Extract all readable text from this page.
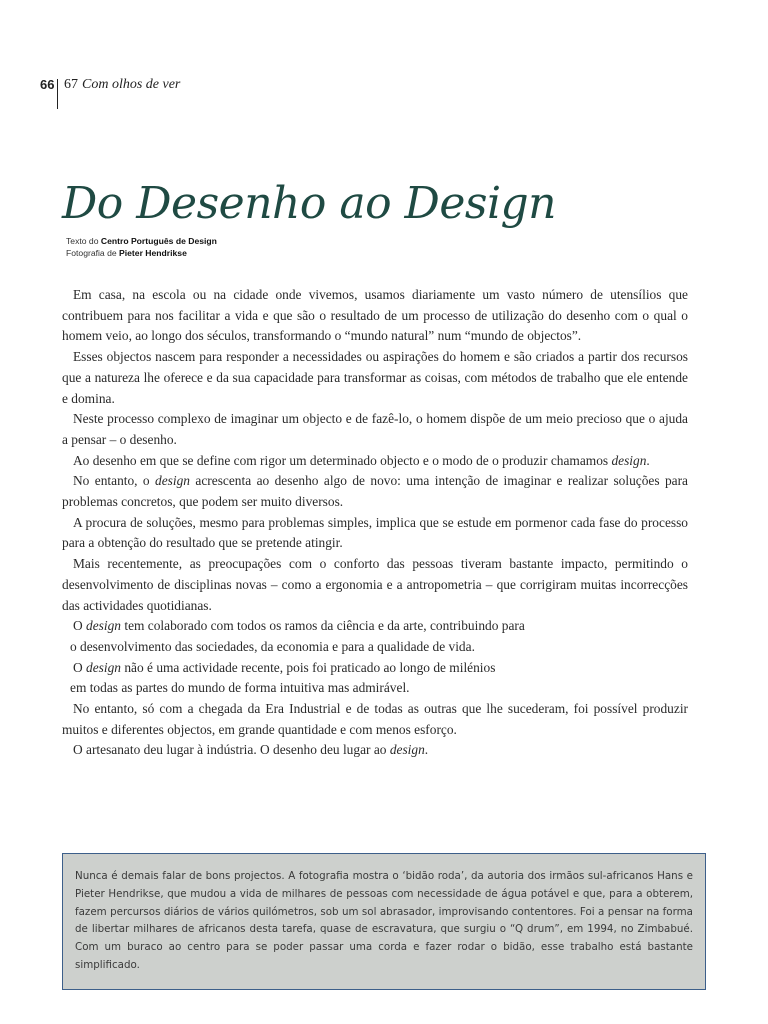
66 67 Com olhos de ver
Do Desenho ao Design
Texto do Centro Português de Design
Fotografia de Pieter Hendrikse

Em casa, na escola ou na cidade onde vivemos, usamos diariamente um vasto número de utensílios que contribuem para nos facilitar a vida e que são o resultado de um processo de utilização do desenho com o qual o homem veio, ao longo dos séculos, transformando o “mundo natural” num “mundo de objectos”.

Esses objectos nascem para responder a necessidades ou aspirações do homem e são criados a partir dos recursos que a natureza lhe oferece e da sua capacidade para transformar as coisas, com métodos de trabalho que ele entende e domina.

Neste processo complexo de imaginar um objecto e de fazê-lo, o homem dispõe de um meio precioso que o ajuda a pensar – o desenho.

Ao desenho em que se define com rigor um determinado objecto e o modo de o produzir chamamos design.

No entanto, o design acrescenta ao desenho algo de novo: uma intenção de imaginar e realizar soluções para problemas concretos, que podem ser muito diversos.

A procura de soluções, mesmo para problemas simples, implica que se estude em pormenor cada fase do processo para a obtenção do resultado que se pretende atingir.

Mais recentemente, as preocupações com o conforto das pessoas tiveram bastante impacto, permitindo o desenvolvimento de disciplinas novas – como a ergonomia e a antropometria – que corrigiram muitas incorrecções das actividades quotidianas.

O design tem colaborado com todos os ramos da ciência e da arte, contribuindo para

o desenvolvimento das sociedades, da economia e para a qualidade de vida.

O design não é uma actividade recente, pois foi praticado ao longo de milénios

em todas as partes do mundo de forma intuitiva mas admirável.

No entanto, só com a chegada da Era Industrial e de todas as outras que lhe sucederam, foi possível produzir muitos e diferentes objectos, em grande quantidade e com menos esforço.

O artesanato deu lugar à indústria. O desenho deu lugar ao design.

Nunca é demais falar de bons projectos. A fotografia mostra o ‘bidão roda’, da autoria dos irmãos sul-africanos Hans e Pieter Hendrikse, que mudou a vida de milhares de pessoas com necessidade de água potável e que, para a obterem, fazem percursos diários de vários quilómetros, sob um sol abrasador, improvisando contentores. Foi a pensar na forma de libertar milhares de africanos desta tarefa, quase de escravatura, que surgiu o “Q drum”, em 1994, no Zimbabué. Com um buraco ao centro para se poder passar uma corda e fazer rodar o bidão, esse trabalho está bastante simplificado.
